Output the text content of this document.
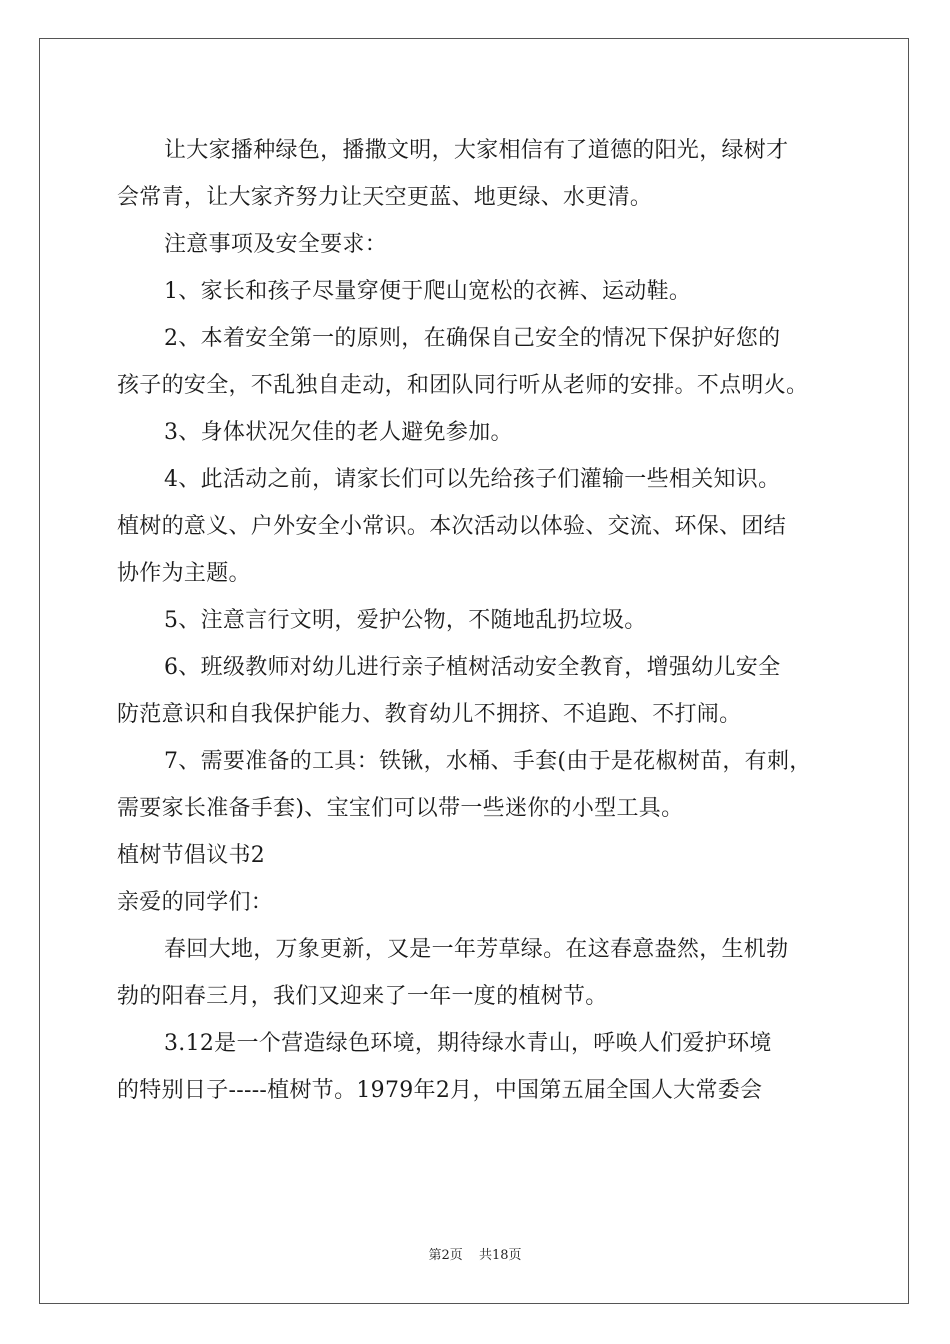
让大家播种绿色，播撒文明，大家相信有了道德的阳光，绿树才
会常青，让大家齐努力让天空更蓝、地更绿、水更清。
注意事项及安全要求：
1、家长和孩子尽量穿便于爬山宽松的衣裤、运动鞋。
2、本着安全第一的原则，在确保自己安全的情况下保护好您的
孩子的安全，不乱独自走动，和团队同行听从老师的安排。不点明火。
3、身体状况欠佳的老人避免参加。
4、此活动之前，请家长们可以先给孩子们灌输一些相关知识。
植树的意义、户外安全小常识。本次活动以体验、交流、环保、团结
协作为主题。
5、注意言行文明，爱护公物，不随地乱扔垃圾。
6、班级教师对幼儿进行亲子植树活动安全教育，增强幼儿安全
防范意识和自我保护能力、教育幼儿不拥挤、不追跑、不打闹。
7、需要准备的工具：铁锹，水桶、手套(由于是花椒树苗，有刺，
需要家长准备手套)、宝宝们可以带一些迷你的小型工具。
植树节倡议书2
亲爱的同学们：
春回大地，万象更新，又是一年芳草绿。在这春意盎然，生机勃
勃的阳春三月，我们又迎来了一年一度的植树节。
3.12是一个营造绿色环境，期待绿水青山，呼唤人们爱护环境
的特别日子-----植树节。1979年2月，中国第五届全国人大常委会
第2页 共18页
